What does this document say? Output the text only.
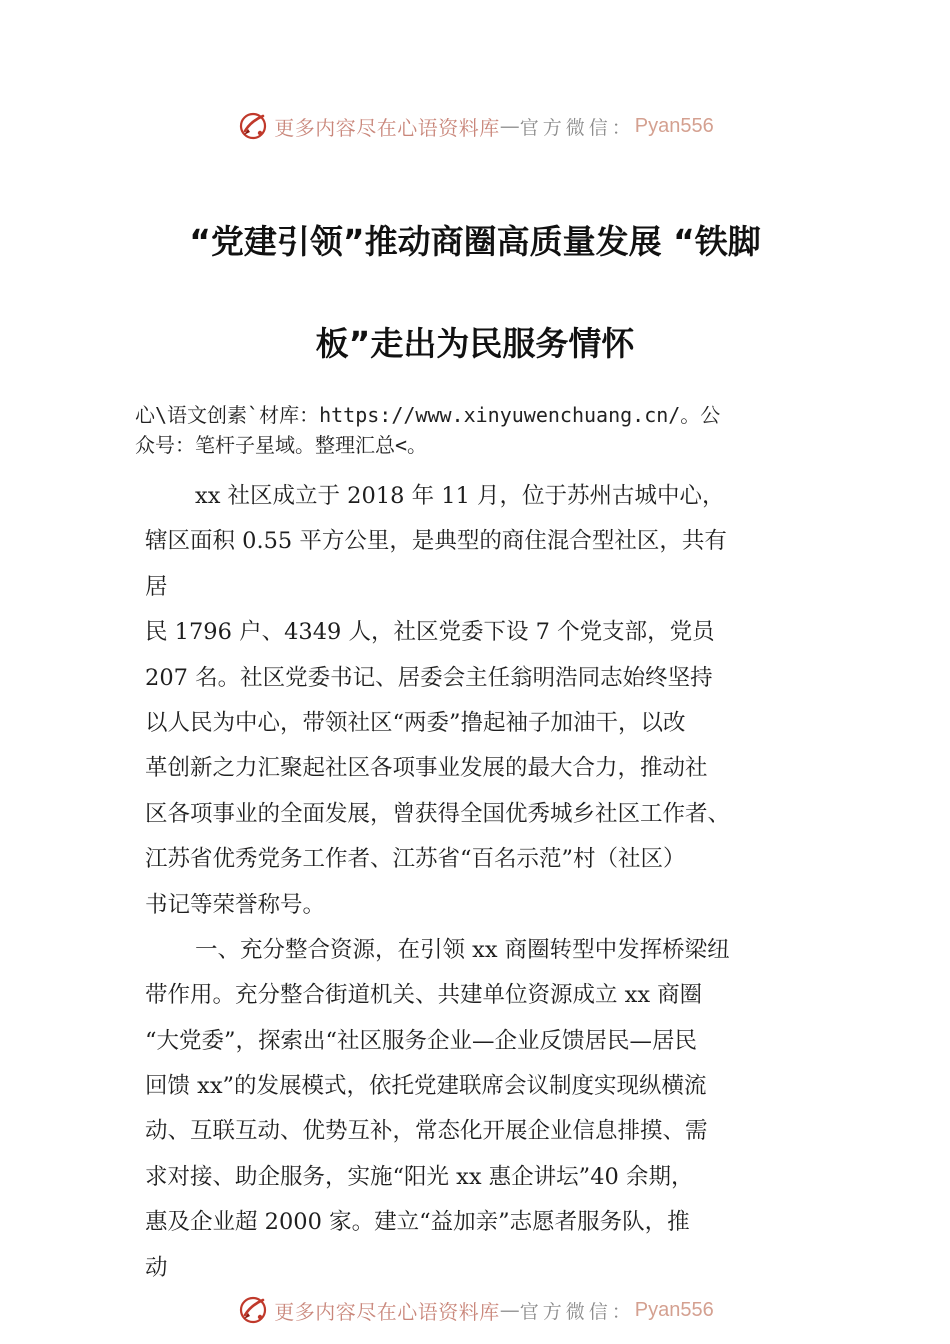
更多内容尽在心语资料库 — 官方微信： Pyan556
“党建引领”推动商圈高质量发展 “铁脚
板”走出为民服务情怀
心\语文创素`材库：https://www.xinyuwenchuang.cn/。公
众号：笔杆子星域。整理汇总<。
xx 社区成立于 2018 年 11 月，位于苏州古城中心，
辖区面积 0.55 平方公里，是典型的商住混合型社区，共有
居
民 1796 户、4349 人，社区党委下设 7 个党支部，党员
207 名。社区党委书记、居委会主任翁明浩同志始终坚持
以人民为中心，带领社区“两委”撸起袖子加油干，以改
革创新之力汇聚起社区各项事业发展的最大合力，推动社
区各项事业的全面发展，曾获得全国优秀城乡社区工作者、
江苏省优秀党务工作者、江苏省“百名示范”村（社区）
书记等荣誉称号。
一、充分整合资源，在引领 xx 商圈转型中发挥桥梁纽
带作用。充分整合街道机关、共建单位资源成立 xx 商圈
“大党委”，探索出“社区服务企业—企业反馈居民—居民
回馈 xx”的发展模式，依托党建联席会议制度实现纵横流
动、互联互动、优势互补，常态化开展企业信息排摸、需
求对接、助企服务，实施“阳光 xx 惠企讲坛”40 余期，
惠及企业超 2000 家。建立“益加亲”志愿者服务队，推
动
更多内容尽在心语资料库 — 官方微信： Pyan556
